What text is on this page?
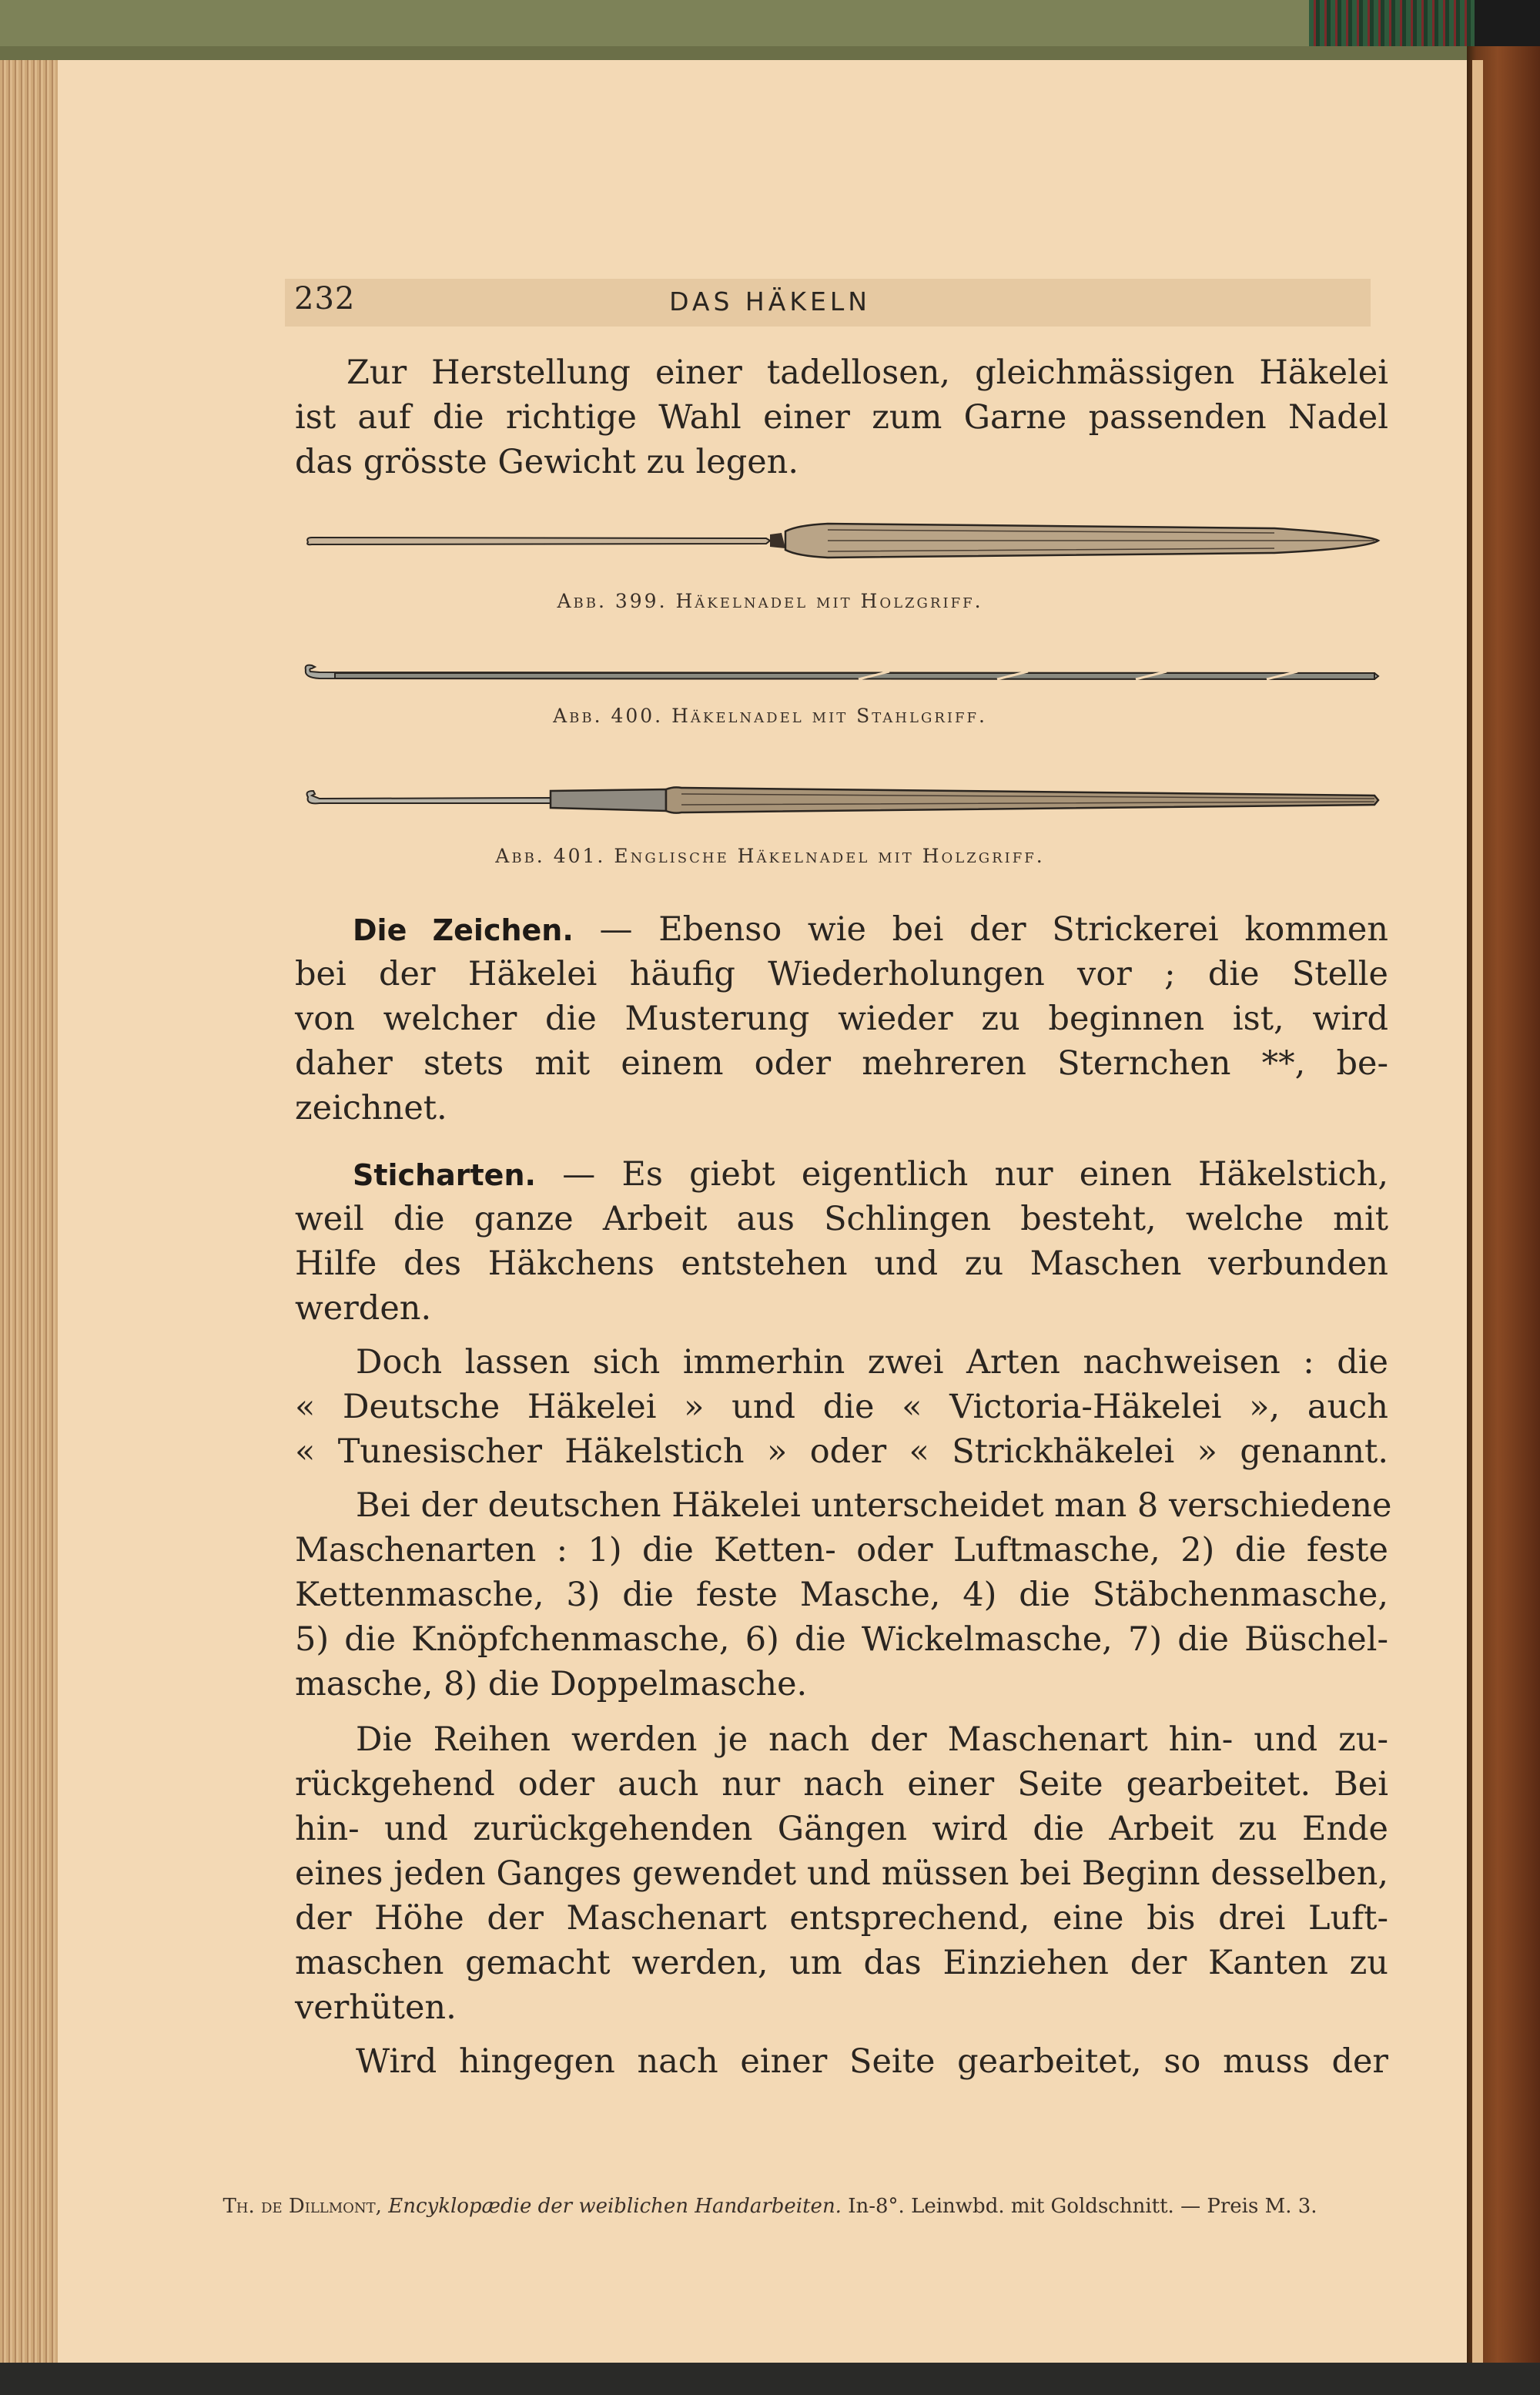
232	DAS HÄKELN
Zur Herstellung einer tadellosen, gleichmässigen Häkelei
ist auf die richtige Wahl einer zum Garne passenden Nadel
das grösste Gewicht zu legen.
Abb. 399. Häkelnadel mit Holzgriff.
Abb. 400. Häkelnadel mit Stahlgriff.
Abb. 401. Englische Häkelnadel mit Holzgriff.
Die Zeichen. — Ebenso wie bei der Strickerei kommen
bei der Häkelei häufig Wiederholungen vor ; die Stelle
von welcher die Musterung wieder zu beginnen ist, wird
daher stets mit einem oder mehreren Sternchen **, be-
zeichnet.
Sticharten. — Es giebt eigentlich nur einen Häkelstich,
weil die ganze Arbeit aus Schlingen besteht, welche mit
Hilfe des Häkchens entstehen und zu Maschen verbunden
werden.
Doch lassen sich immerhin zwei Arten nachweisen : die
« Deutsche Häkelei » und die « Victoria-Häkelei », auch
« Tunesischer Häkelstich » oder « Strickhäkelei » genannt.
Bei der deutschen Häkelei unterscheidet man 8 verschiedene
Maschenarten : 1) die Ketten- oder Luftmasche, 2) die feste
Kettenmasche, 3) die feste Masche, 4) die Stäbchenmasche,
5) die Knöpfchenmasche, 6) die Wickelmasche, 7) die Büschel-
masche, 8) die Doppelmasche.
Die Reihen werden je nach der Maschenart hin- und zu-
rückgehend oder auch nur nach einer Seite gearbeitet. Bei
hin- und zurückgehenden Gängen wird die Arbeit zu Ende
eines jeden Ganges gewendet und müssen bei Beginn desselben,
der Höhe der Maschenart entsprechend, eine bis drei Luft-
maschen gemacht werden, um das Einziehen der Kanten zu
verhüten.
Wird hingegen nach einer Seite gearbeitet, so muss der
Th. de Dillmont, Encyklopædie der weiblichen Handarbeiten. In-8°. Leinwbd. mit Goldschnitt. — Preis M. 3.
